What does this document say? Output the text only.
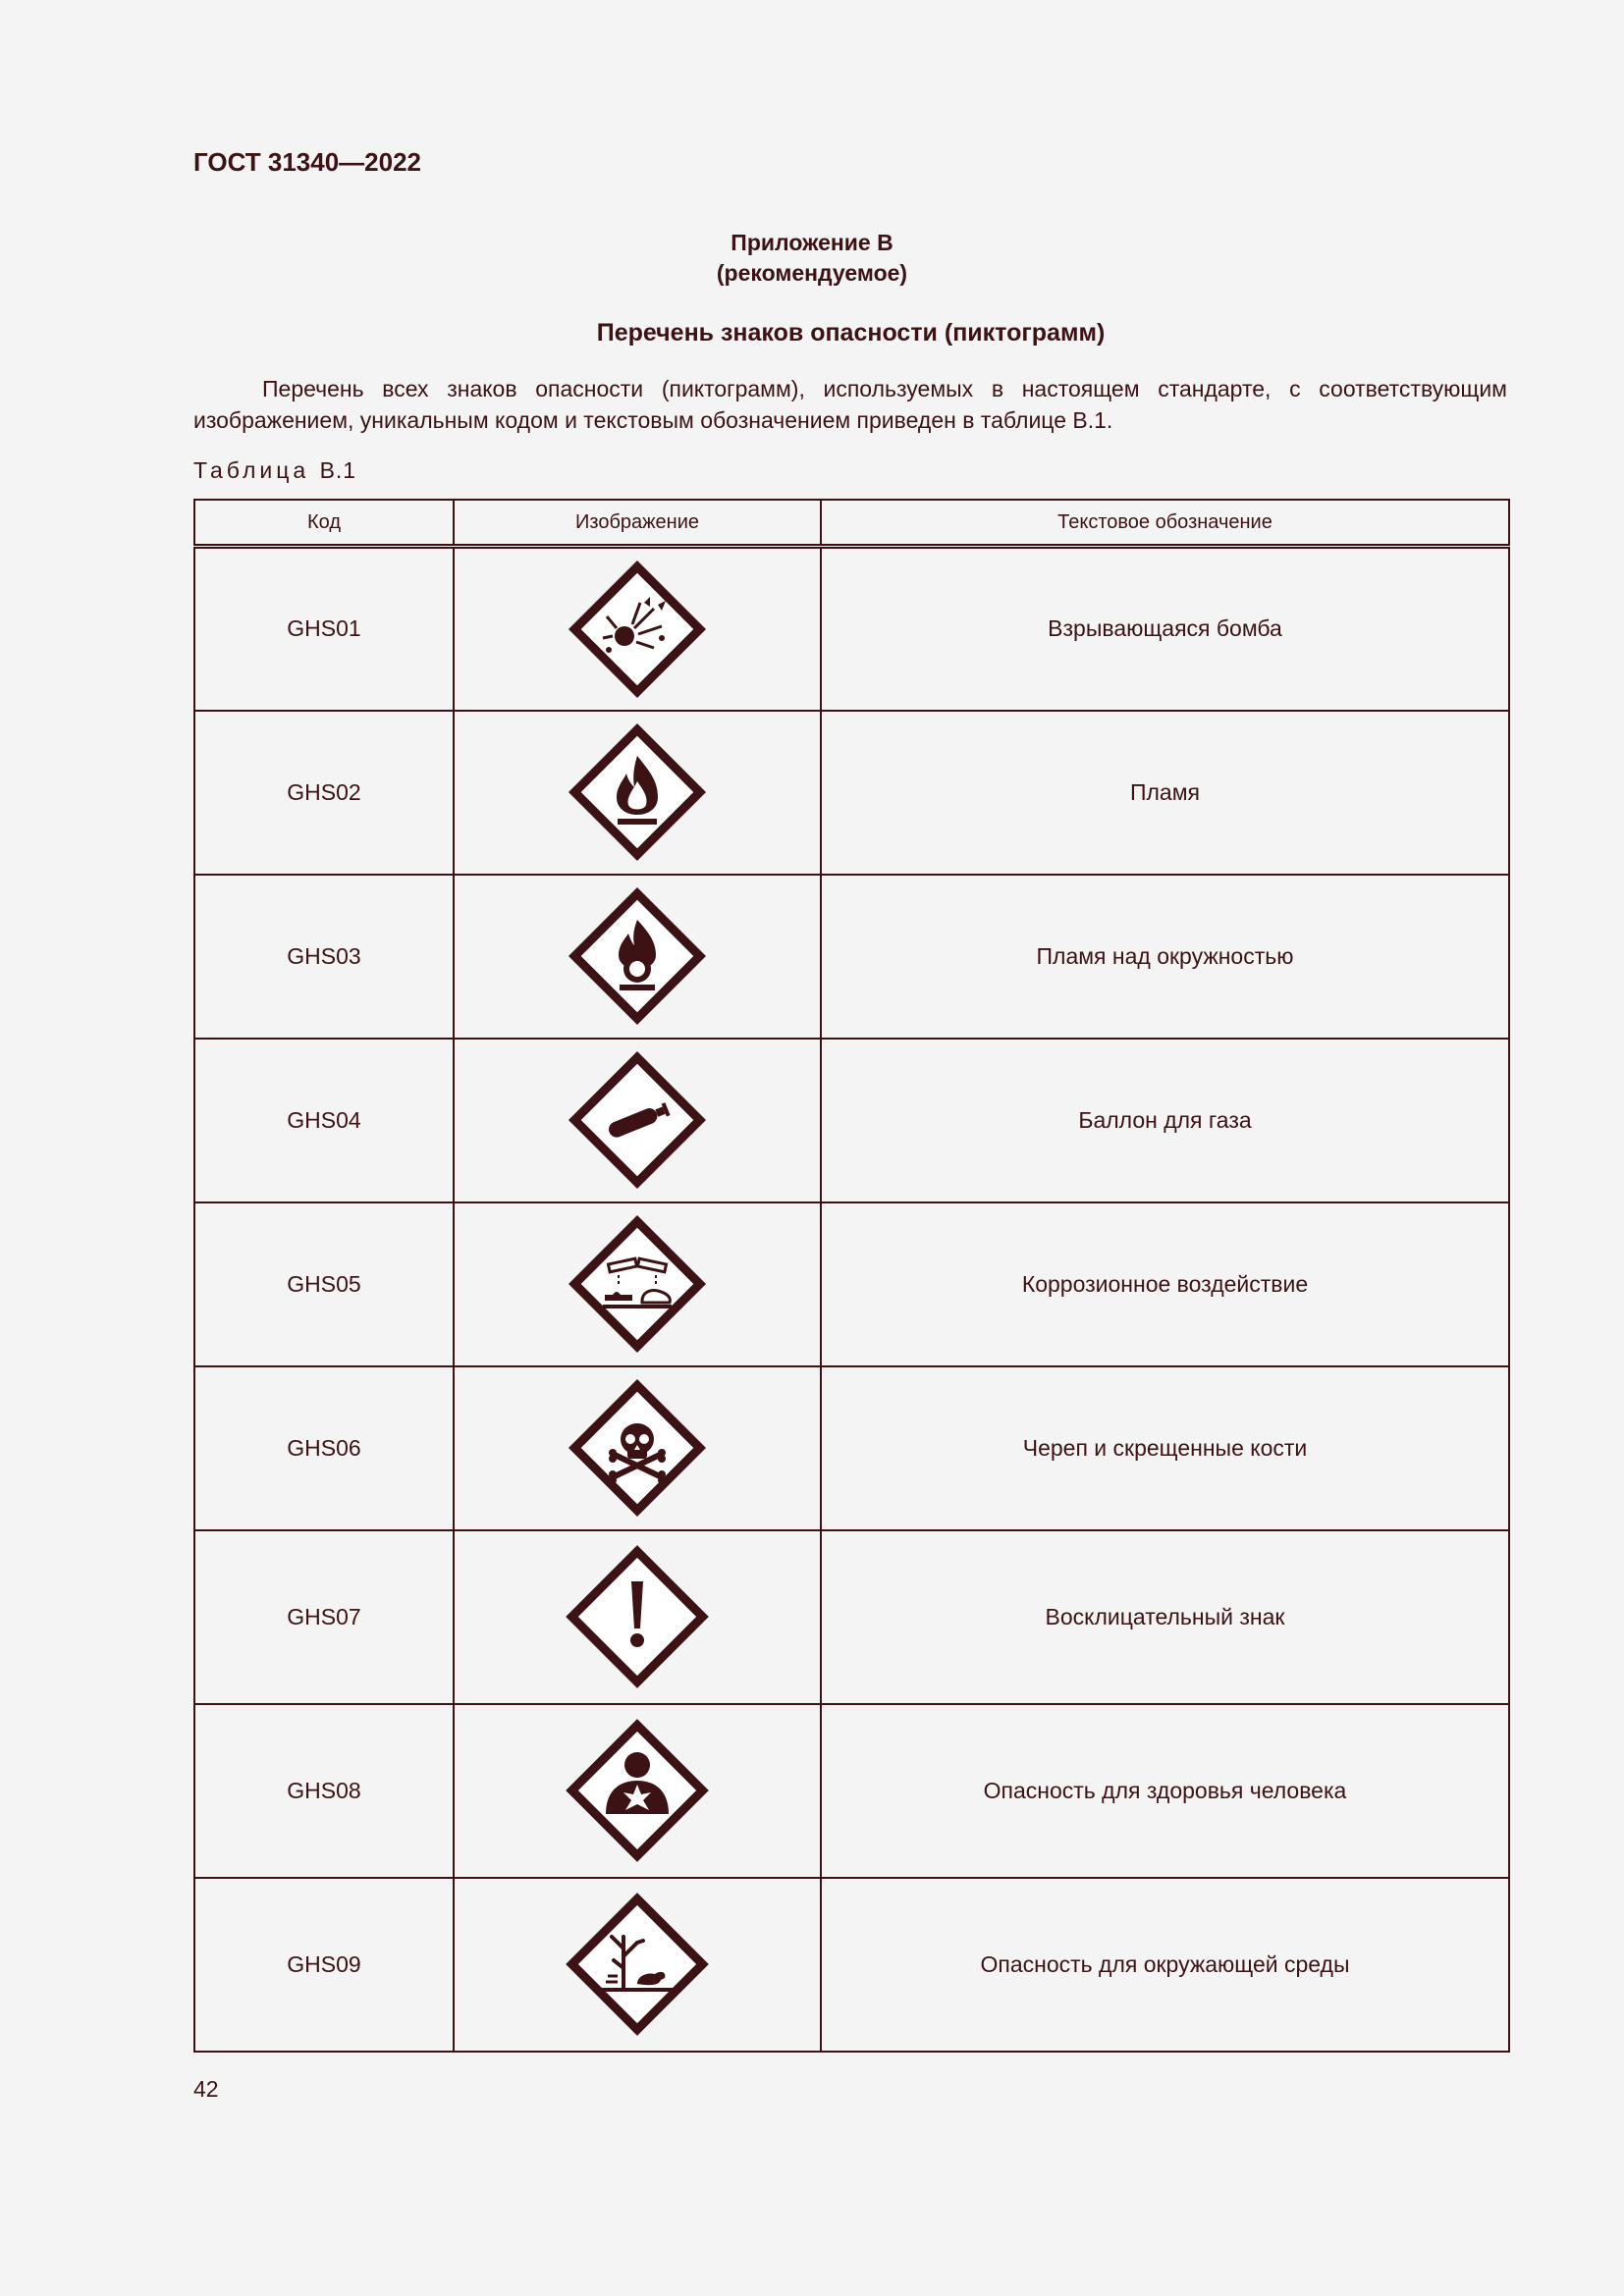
ГОСТ 31340—2022
Приложение В
(рекомендуемое)
Перечень знаков опасности (пиктограмм)
Перечень всех знаков опасности (пиктограмм), используемых в настоящем стандарте, с соответствующим изображением, уникальным кодом и текстовым обозначением приведен в таблице В.1.
Таблица В.1
Код	Изображение	Текстовое обозначение
GHS01		Взрывающаяся бомба
GHS02		Пламя
GHS03		Пламя над окружностью
GHS04		Баллон для газа
GHS05		Коррозионное воздействие
GHS06		Череп и скрещенные кости
GHS07		Восклицательный знак
GHS08		Опасность для здоровья человека
GHS09		Опасность для окружающей среды
42
